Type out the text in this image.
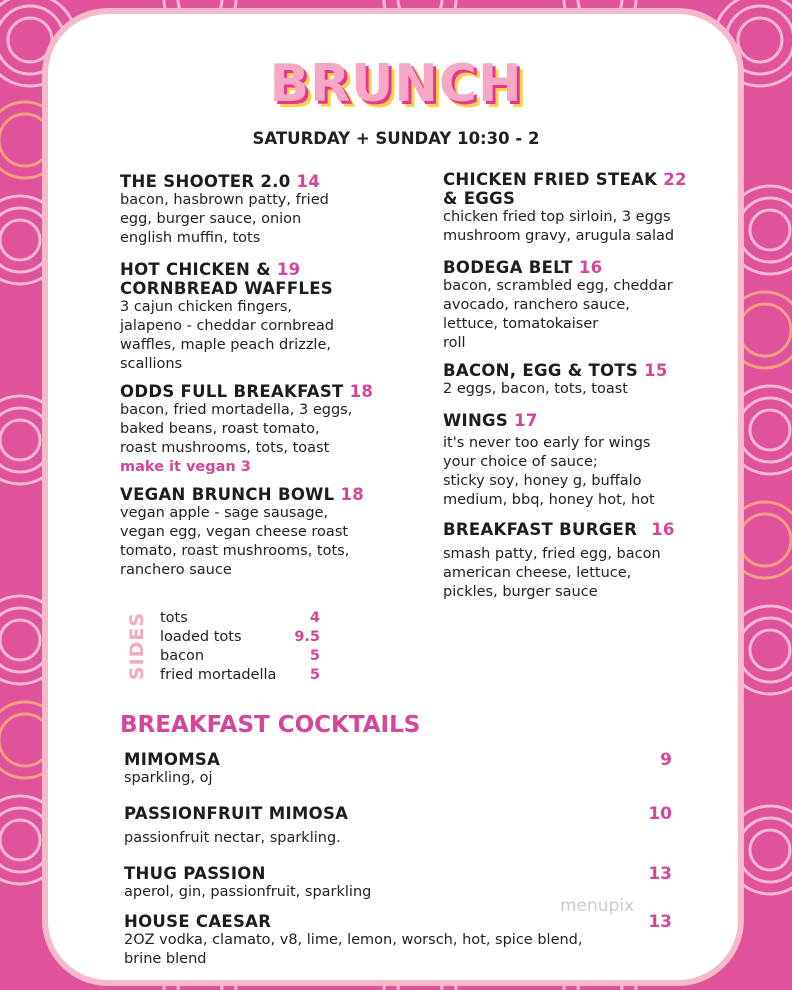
BRUNCH
SATURDAY + SUNDAY 10:30 - 2
THE SHOOTER 2.0 14
bacon, hasbrown patty, fried
egg, burger sauce, onion
english muffin, tots
HOT CHICKEN & 19
CORNBREAD WAFFLES
3 cajun chicken fingers,
jalapeno - cheddar cornbread
waffles, maple peach drizzle,
scallions
ODDS FULL BREAKFAST 18
bacon, fried mortadella, 3 eggs,
baked beans, roast tomato,
roast mushrooms, tots, toast
make it vegan 3
VEGAN BRUNCH BOWL 18
vegan apple - sage sausage,
vegan egg, vegan cheese roast
tomato, roast mushrooms, tots,
ranchero sauce
CHICKEN FRIED STEAK 22
& EGGS
chicken fried top sirloin, 3 eggs
mushroom gravy, arugula salad
BODEGA BELT 16
bacon, scrambled egg, cheddar
avocado, ranchero sauce,
lettuce, tomatokaiser
roll
BACON, EGG & TOTS 15
2 eggs, bacon, tots, toast
WINGS 17
it's never too early for wings
your choice of sauce;
sticky soy, honey g, buffalo
medium, bbq, honey hot, hot
BREAKFAST BURGER 16
smash patty, fried egg, bacon
american cheese, lettuce,
pickles, burger sauce
SIDES tots	4
loaded tots	9.5
bacon	5
fried mortadella 5
BREAKFAST COCKTAILS
MIMOMSA	9
sparkling, oj
PASSIONFRUIT MIMOSA	10
passionfruit nectar, sparkling.
THUG PASSION	13
aperol, gin, passionfruit, sparkling
HOUSE CAESAR	13
2OZ vodka, clamato, v8, lime, lemon, worsch, hot, spice blend,
brine blend
menupix
